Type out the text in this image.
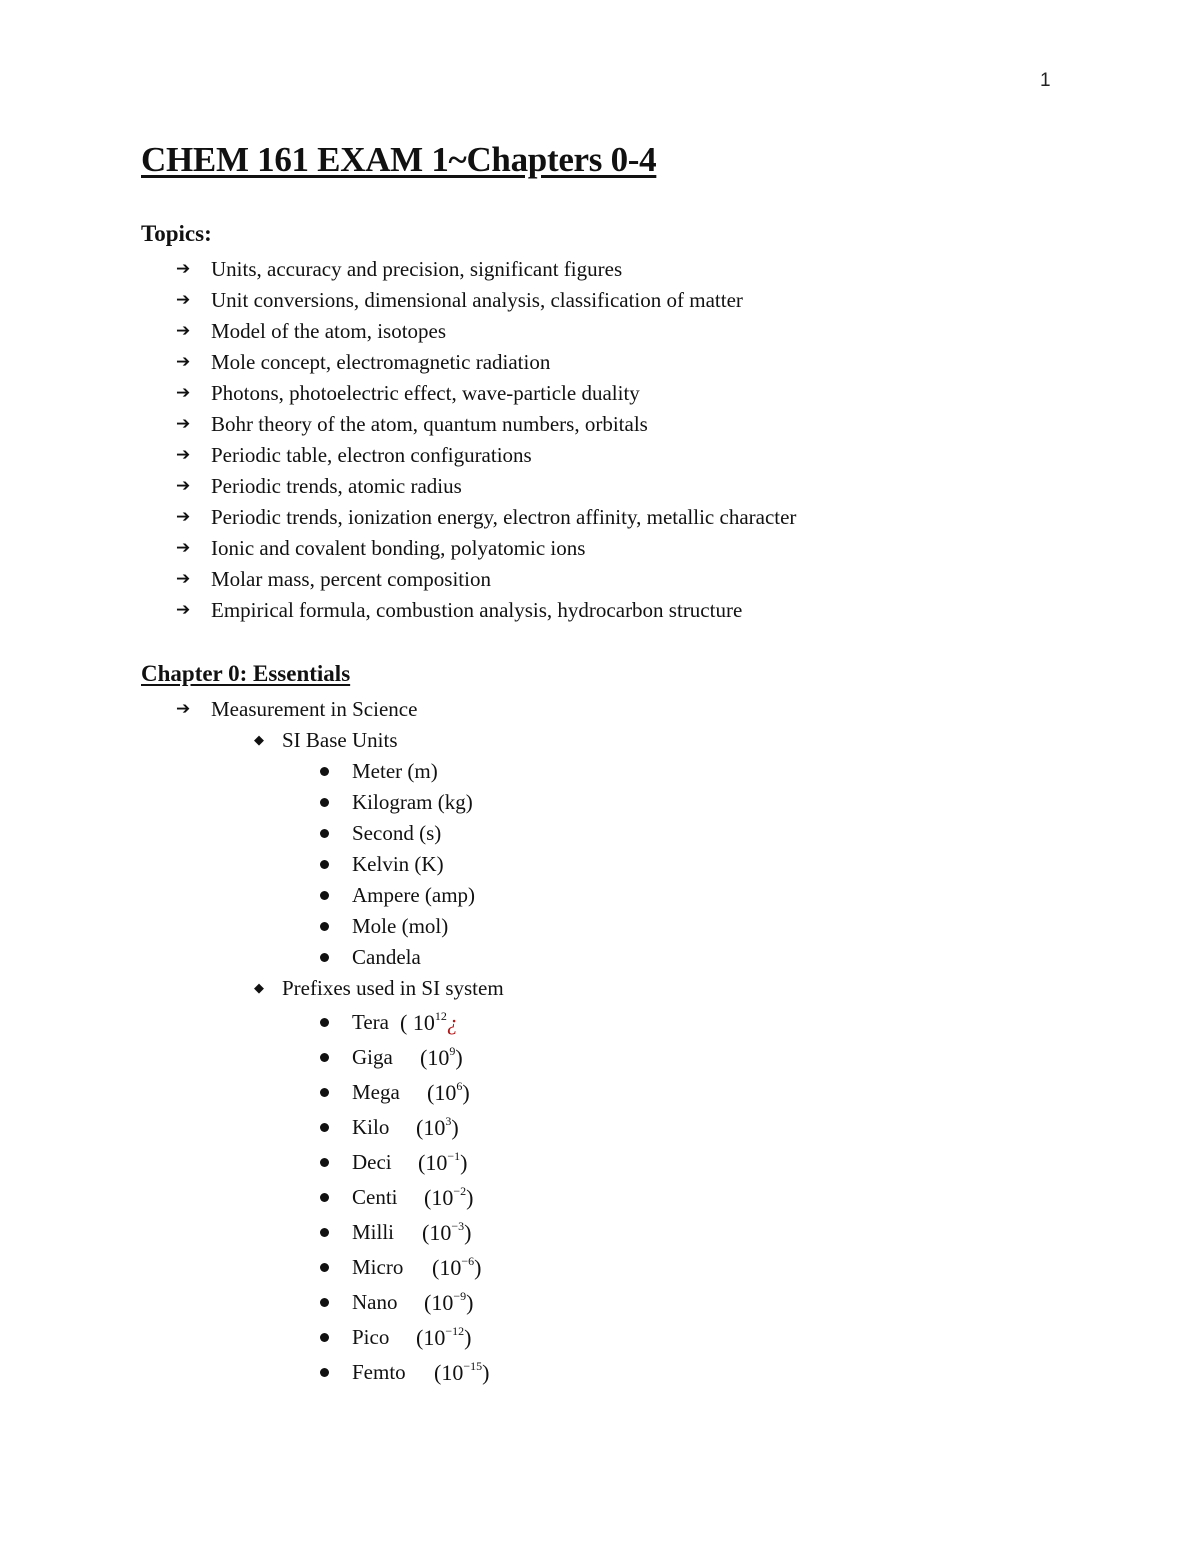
1
CHEM 161 EXAM 1~Chapters 0-4
Topics:
➔ Units, accuracy and precision, significant figures
➔ Unit conversions, dimensional analysis, classification of matter
➔ Model of the atom, isotopes
➔ Mole concept, electromagnetic radiation
➔ Photons, photoelectric effect, wave-particle duality
➔ Bohr theory of the atom, quantum numbers, orbitals
➔ Periodic table, electron configurations
➔ Periodic trends, atomic radius
➔ Periodic trends, ionization energy, electron affinity, metallic character
➔ Ionic and covalent bonding, polyatomic ions
➔ Molar mass, percent composition
➔ Empirical formula, combustion analysis, hydrocarbon structure
Chapter 0: Essentials
➔ Measurement in Science
◆ SI Base Units
Meter (m)
Kilogram (kg)
Second (s)
Kelvin (K)
Ampere (amp)
Mole (mol)
Candela
◆ Prefixes used in SI system
Tera ( $10^{12}¿$
Giga $(10^9)$
Mega $(10^6)$
Kilo $(10^3)$
Deci $(10^{-1})$
Centi $(10^{-2})$
Milli $(10^{-3})$
Micro $(10^{-6})$
Nano $(10^{-9})$
Pico $(10^{-12})$
Femto $(10^{-15})$
